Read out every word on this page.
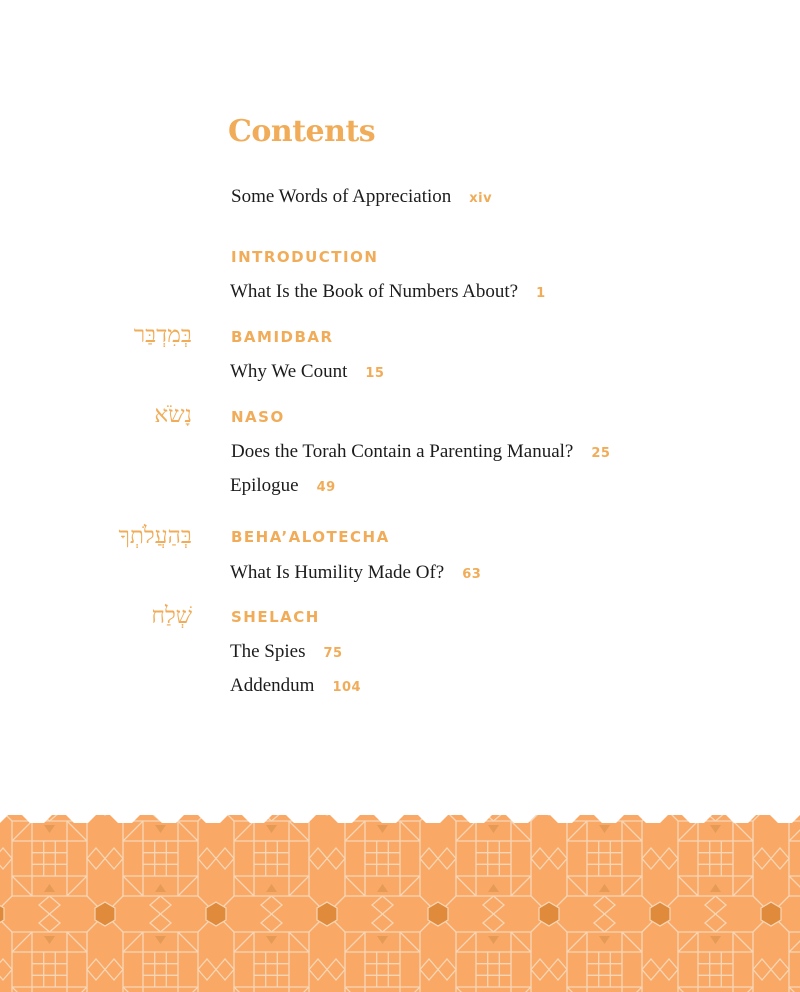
Contents
Some Words of Appreciation xiv
INTRODUCTION
What Is the Book of Numbers About? 1
בְּמִדְבַּר	BAMIDBAR
Why We Count 15
נָשֹׂא	NASO
Does the Torah Contain a Parenting Manual? 25
Epilogue 49
בְּהַעֲלֹתְךָ	BEHA’ALOTECHA
What Is Humility Made Of? 63
שְׁלַח	SHELACH
The Spies 75
Addendum 104
